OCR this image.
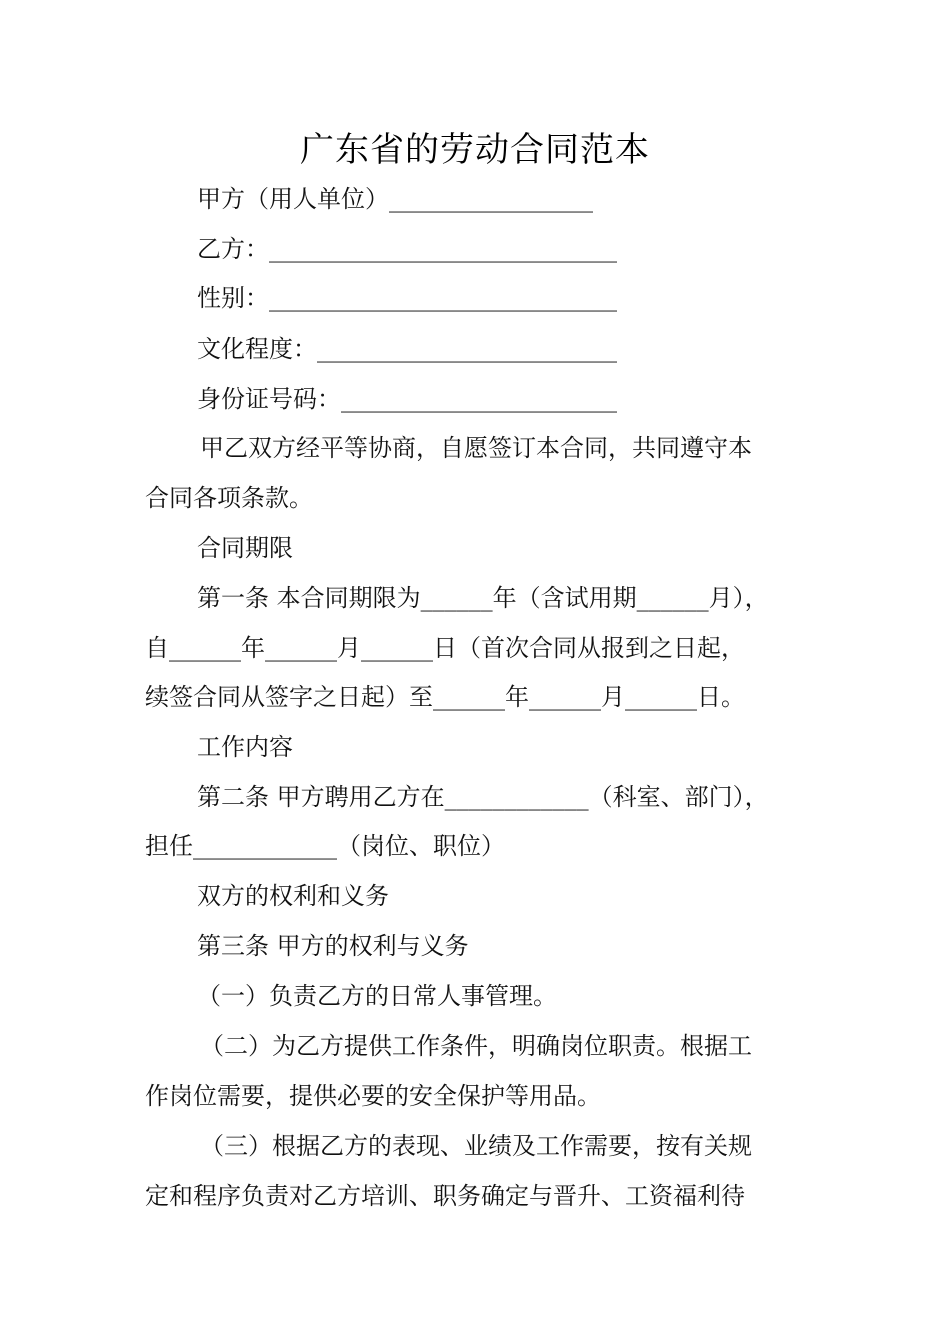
广东省的劳动合同范本
甲方（用人单位）_________________
乙方：_____________________________
性别：_____________________________
文化程度：_________________________
身份证号码：_______________________
甲乙双方经平等协商，自愿签订本合同，共同遵守本
合同各项条款。
合同期限
第一条 本合同期限为______年（含试用期______月），
自______年______月______日（首次合同从报到之日起，
续签合同从签字之日起）至______年______月______日。
工作内容
第二条 甲方聘用乙方在____________（科室、部门），
担任____________（岗位、职位）
双方的权利和义务
第三条 甲方的权利与义务
（一）负责乙方的日常人事管理。
（二）为乙方提供工作条件，明确岗位职责。根据工
作岗位需要，提供必要的安全保护等用品。
（三）根据乙方的表现、业绩及工作需要，按有关规
定和程序负责对乙方培训、职务确定与晋升、工资福利待
